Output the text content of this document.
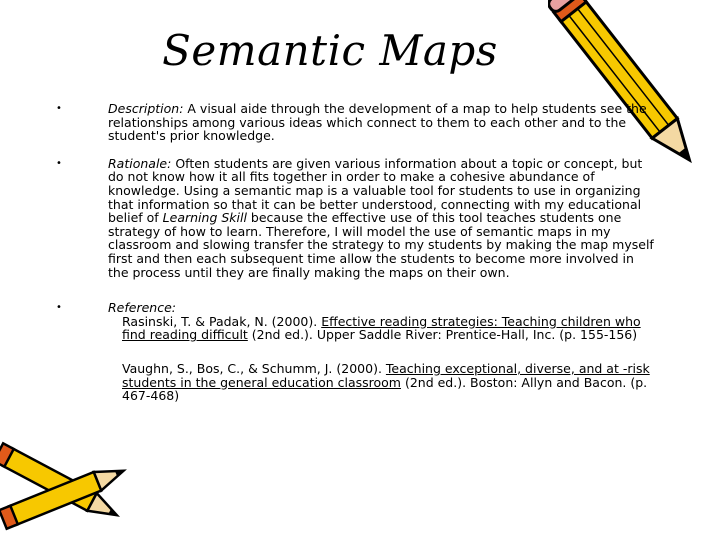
Semantic Maps
•	Description: A visual aide through the development of a map to help students see the relationships among various ideas which connect to them to each other and to the student's prior knowledge.
•	Rationale: Often students are given various information about a topic or concept, but do not know how it all fits together in order to make a cohesive abundance of knowledge. Using a semantic map is a valuable tool for students to use in organizing that information so that it can be better understood, connecting with my educational belief of Learning Skill because the effective use of this tool teaches students one strategy of how to learn. Therefore, I will model the use of semantic maps in my classroom and slowing transfer the strategy to my students by making the map myself first and then each subsequent time allow the students to become more involved in the process until they are finally making the maps on their own.
•	Reference:
Rasinski, T. & Padak, N. (2000). Effective reading strategies: Teaching children who find reading difficult (2nd ed.). Upper Saddle River: Prentice-Hall, Inc. (p. 155-156)
Vaughn, S., Bos, C., & Schumm, J. (2000). Teaching exceptional, diverse, and at -risk students in the general education classroom (2nd ed.). Boston: Allyn and Bacon. (p. 467-468)
